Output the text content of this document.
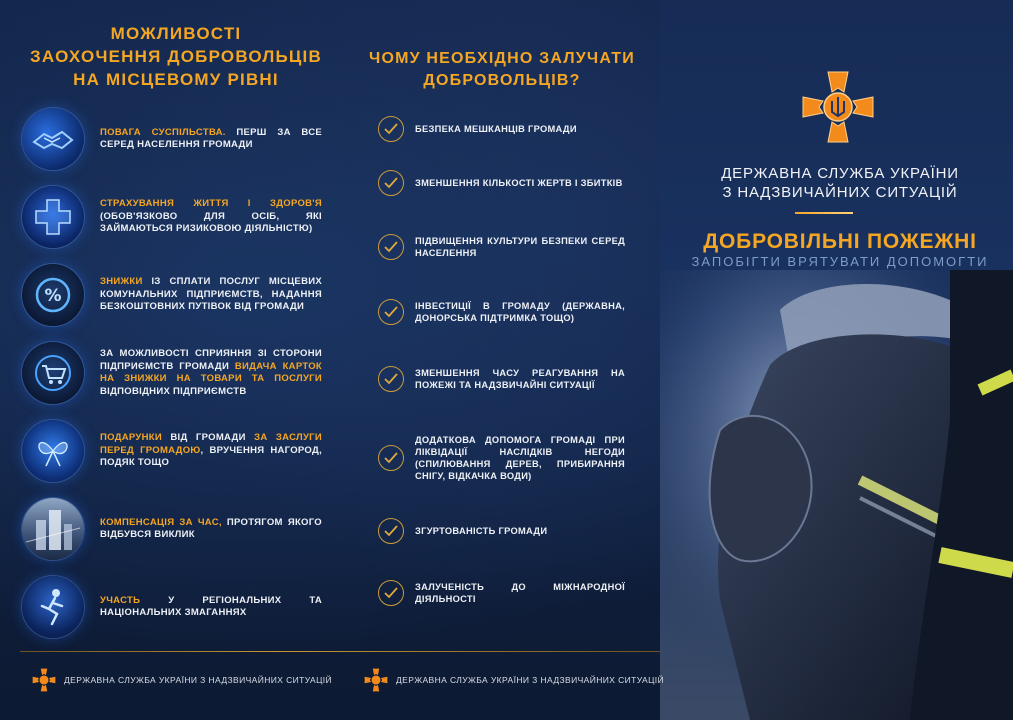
МОЖЛИВОСТІ
ЗАОХОЧЕННЯ ДОБРОВОЛЬЦІВ
НА МІСЦЕВОМУ РІВНІ
ПОВАГА СУСПІЛЬСТВА. ПЕРШ ЗА ВСЕ СЕРЕД НАСЕЛЕННЯ ГРОМАДИ
СТРАХУВАННЯ ЖИТТЯ І ЗДОРОВ'Я (ОБОВ'ЯЗКОВО ДЛЯ ОСІБ, ЯКІ ЗАЙМАЮТЬСЯ РИЗИКОВОЮ ДІЯЛЬНІСТЮ)
%
ЗНИЖКИ ІЗ СПЛАТИ ПОСЛУГ МІСЦЕВИХ КОМУНАЛЬНИХ ПІДПРИЄМСТВ, НАДАННЯ БЕЗКОШТОВНИХ ПУТІВОК ВІД ГРОМАДИ
ЗА МОЖЛИВОСТІ СПРИЯННЯ ЗІ СТОРОНИ ПІДПРИЄМСТВ ГРОМАДИ ВИДАЧА КАРТОК НА ЗНИЖКИ НА ТОВАРИ ТА ПОСЛУГИ ВІДПОВІДНИХ ПІДПРИЄМСТВ
ПОДАРУНКИ ВІД ГРОМАДИ ЗА ЗАСЛУГИ ПЕРЕД ГРОМАДОЮ, ВРУЧЕННЯ НАГОРОД, ПОДЯК ТОЩО
КОМПЕНСАЦІЯ ЗА ЧАС, ПРОТЯГОМ ЯКОГО ВІДБУВСЯ ВИКЛИК
УЧАСТЬ У РЕГІОНАЛЬНИХ ТА НАЦІОНАЛЬНИХ ЗМАГАННЯХ
ЧОМУ НЕОБХІДНО ЗАЛУЧАТИ
ДОБРОВОЛЬЦІВ?
БЕЗПЕКА МЕШКАНЦІВ ГРОМАДИ
ЗМЕНШЕННЯ КІЛЬКОСТІ ЖЕРТВ І ЗБИТКІВ
ПІДВИЩЕННЯ КУЛЬТУРИ БЕЗПЕКИ СЕРЕД НАСЕЛЕННЯ
ІНВЕСТИЦІЇ В ГРОМАДУ (ДЕРЖАВНА, ДОНОРСЬКА ПІДТРИМКА ТОЩО)
ЗМЕНШЕННЯ ЧАСУ РЕАГУВАННЯ НА ПОЖЕЖІ ТА НАДЗВИЧАЙНІ СИТУАЦІЇ
ДОДАТКОВА ДОПОМОГА ГРОМАДІ ПРИ ЛІКВІДАЦІЇ НАСЛІДКІВ НЕГОДИ (СПИЛЮВАННЯ ДЕРЕВ, ПРИБИРАННЯ СНІГУ, ВІДКАЧКА ВОДИ)
ЗГУРТОВАНІСТЬ ГРОМАДИ
ЗАЛУЧЕНІСТЬ ДО МІЖНАРОДНОЇ ДІЯЛЬНОСТІ
ДЕРЖАВНА СЛУЖБА УКРАЇНИ
З НАДЗВИЧАЙНИХ СИТУАЦІЙ
ДОБРОВІЛЬНІ ПОЖЕЖНІ
ЗАПОБІГТИ ВРЯТУВАТИ ДОПОМОГТИ
ДЕРЖАВНА СЛУЖБА УКРАЇНИ З НАДЗВИЧАЙНИХ СИТУАЦІЙ	ДЕРЖАВНА СЛУЖБА УКРАЇНИ З НАДЗВИЧАЙНИХ СИТУАЦІЙ
